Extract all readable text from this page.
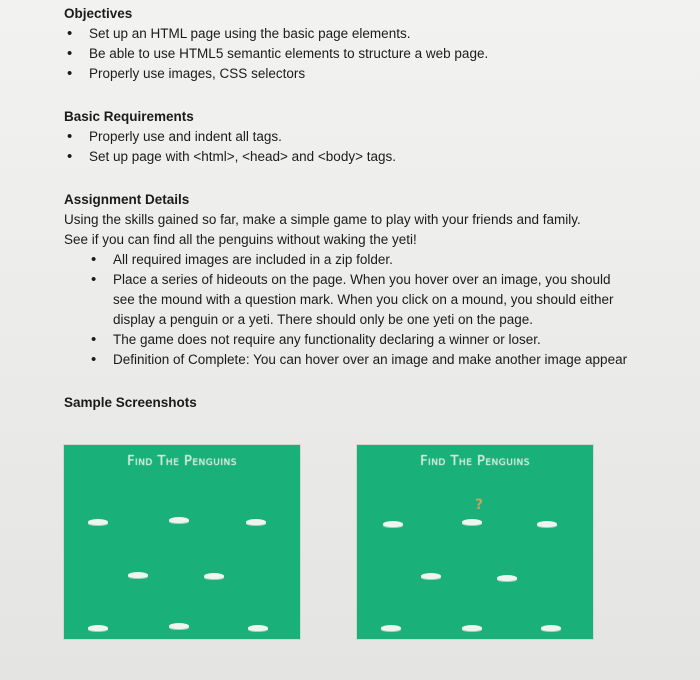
Objectives

• Set up an HTML page using the basic page elements.
• Be able to use HTML5 semantic elements to structure a web page.
• Properly use images, CSS selectors

Basic Requirements

• Properly use and indent all tags.
• Set up page with <html>, <head> and <body> tags.

Assignment Details

Using the skills gained so far, make a simple game to play with your friends and family.

See if you can find all the penguins without waking the yeti!

• All required images are included in a zip folder.
• Place a series of hideouts on the page. When you hover over an image, you should see the mound with a question mark. When you click on a mound, you should either display a penguin or a yeti. There should only be one yeti on the page.
• The game does not require any functionality declaring a winner or loser.
• Definition of Complete: You can hover over an image and make another image appear

Sample Screenshots

Find The Penguins	Find The Penguins
?
